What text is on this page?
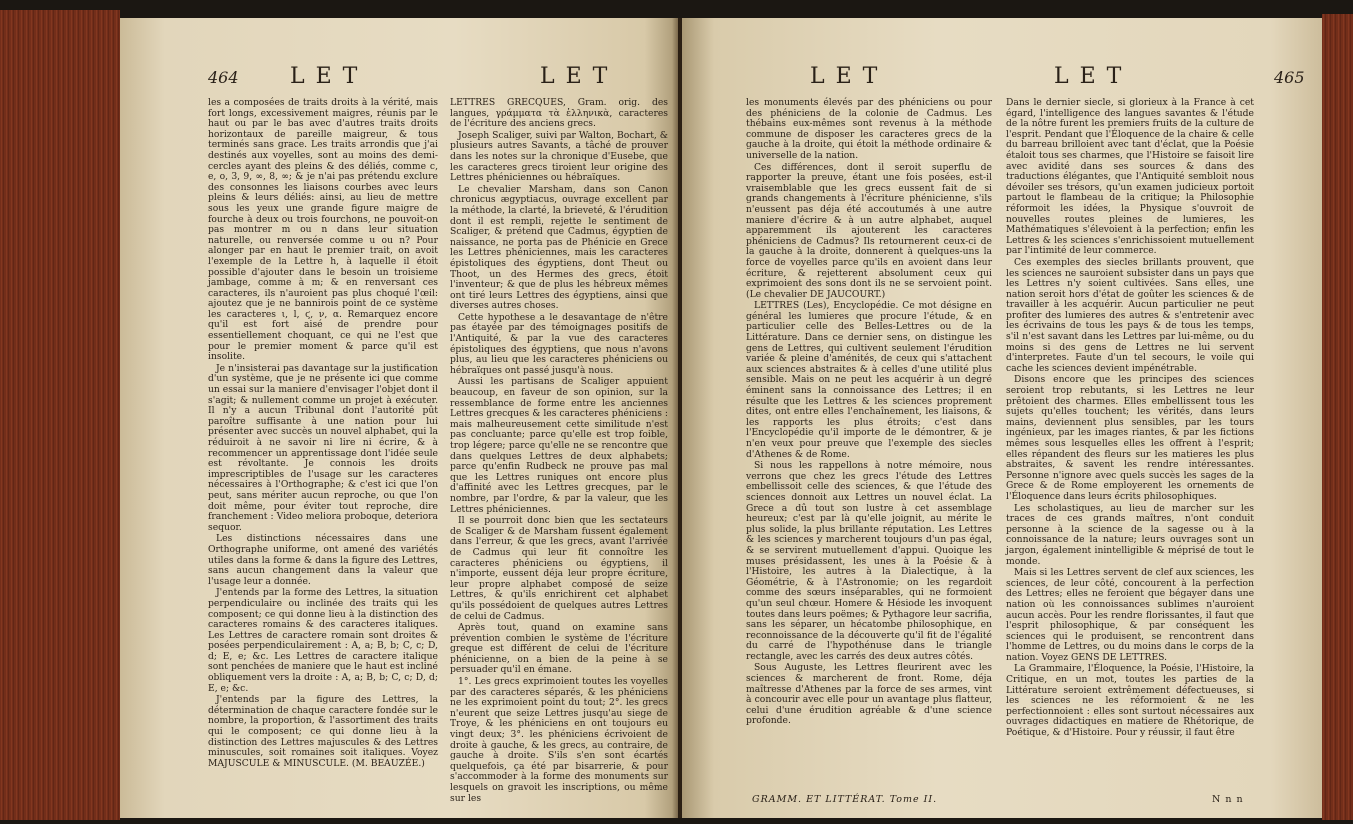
464 L E T	L E T

les a composées de traits droits à la vérité, mais fort longs, excessivement maigres, réunis par le haut ou par le bas avec d'autres traits droits horizontaux de pareille maigreur, & tous terminés sans grace. Les traits arrondis que j'ai destinés aux voyelles, sont au moins des demi-cercles ayant des pleins & des déliés, comme c, e, o, 3, 9, ∞, 8, ∞; & je n'ai pas prétendu exclure des consonnes les liaisons courbes avec leurs pleins & leurs déliés: ainsi, au lieu de mettre sous les yeux une grande figure maigre de fourche à deux ou trois fourchons, ne pouvoit-on pas montrer m ou n dans leur situation naturelle, ou renversée comme u ou n? Pour alonger par en haut le premier trait, on avoit l'exemple de la Lettre h, à laquelle il étoit possible d'ajouter dans le besoin un troisieme jambage, comme à m; & en renversant ces caracteres, ils n'auroient pas plus choqué l'œil: ajoutez que je ne bannirois point de ce système les caracteres ι, l, ϛ, ν, α. Remarquez encore qu'il est fort aisé de prendre pour essentiellement choquant, ce qui ne l'est que pour le premier moment & parce qu'il est insolite.

Je n'insisterai pas davantage sur la justification d'un système, que je ne présente ici que comme un essai sur la maniere d'envisager l'objet dont il s'agit; & nullement comme un projet à exécuter. Il n'y a aucun Tribunal dont l'autorité pût paroître suffisante à une nation pour lui présenter avec succès un nouvel alphabet, qui la réduiroit à ne savoir ni lire ni écrire, & à recommencer un apprentissage dont l'idée seule est révoltante. Je connois les droits imprescriptibles de l'usage sur les caracteres nécessaires à l'Orthographe; & c'est ici que l'on peut, sans mériter aucun reproche, ou que l'on doit même, pour éviter tout reproche, dire franchement : Video meliora proboque, deteriora sequor.

Les distinctions nécessaires dans une Orthographe uniforme, ont amené des variétés utiles dans la forme & dans la figure des Lettres, sans aucun changement dans la valeur que l'usage leur a donnée.

J'entends par la forme des Lettres, la situation perpendiculaire ou inclinée des traits qui les composent; ce qui donne lieu à la distinction des caracteres romains & des caracteres italiques. Les Lettres de caractere romain sont droites & posées perpendiculairement : A, a; B, b; C, c; D, d; E, e; &c. Les Lettres de caractere italique sont penchées de maniere que le haut est incliné obliquement vers la droite : A, a; B, b; C, c; D, d; E, e; &c.

J'entends par la figure des Lettres, la détermination de chaque caractere fondée sur le nombre, la proportion, & l'assortiment des traits qui le composent; ce qui donne lieu à la distinction des Lettres majuscules & des Lettres minuscules, soit romaines soit italiques. Voyez MAJUSCULE & MINUSCULE. (M. BEAUZÉE.)

LETTRES GRECQUES, Gram. orig. des langues, γράμματα τὰ ἑλληνικὰ, caracteres de l'écriture des anciens grecs.

Joseph Scaliger, suivi par Walton, Bochart, & plusieurs autres Savants, a tâché de prouver dans les notes sur la chronique d'Eusebe, que les caracteres grecs tiroient leur origine des Lettres phéniciennes ou hébraïques.

Le chevalier Marsham, dans son Canon chronicus ægyptiacus, ouvrage excellent par la méthode, la clarté, la brieveté, & l'érudition dont il est rempli, rejette le sentiment de Scaliger, & prétend que Cadmus, égyptien de naissance, ne porta pas de Phénicie en Grece les Lettres phéniciennes, mais les caracteres épistoliques des égyptiens, dont Theut ou Thoot, un des Hermes des grecs, étoit l'inventeur; & que de plus les hébreux mêmes ont tiré leurs Lettres des égyptiens, ainsi que diverses autres choses.

Cette hypothese a le desavantage de n'être pas étayée par des témoignages positifs de l'Antiquité, & par la vue des caracteres épistoliques des égyptiens, que nous n'avons plus, au lieu que les caracteres phéniciens ou hébraïques ont passé jusqu'à nous.

Aussi les partisans de Scaliger appuient beaucoup, en faveur de son opinion, sur la ressemblance de forme entre les anciennes Lettres grecques & les caracteres phéniciens : mais malheureusement cette similitude n'est pas concluante; parce qu'elle est trop foible, trop légere; parce qu'elle ne se rencontre que dans quelques Lettres de deux alphabets; parce qu'enfin Rudbeck ne prouve pas mal que les Lettres runiques ont encore plus d'affinité avec les Lettres grecques, par le nombre, par l'ordre, & par la valeur, que les Lettres phéniciennes.

Il se pourroit donc bien que les sectateurs de Scaliger & de Marsham fussent également dans l'erreur, & que les grecs, avant l'arrivée de Cadmus qui leur fit connoître les caracteres phéniciens ou égyptiens, il n'importe, eussent déja leur propre écriture, leur propre alphabet composé de seize Lettres, & qu'ils enrichirent cet alphabet qu'ils possédoient de quelques autres Lettres de celui de Cadmus.

Après tout, quand on examine sans prévention combien le système de l'écriture greque est différent de celui de l'écriture phénicienne, on a bien de la peine à se persuader qu'il en émane.

1°. Les grecs exprimoient toutes les voyelles par des caracteres séparés, & les phéniciens ne les exprimoient point du tout; 2°. les grecs n'eurent que seize Lettres jusqu'au siege de Troye, & les phéniciens en ont toujours eu vingt deux; 3°. les phéniciens écrivoient de droite à gauche, & les grecs, au contraire, de gauche à droite. S'ils s'en sont écartés quelquefois, ça été par bisarrerie, & pour s'accommoder à la forme des monuments sur lesquels on gravoit les inscriptions, ou même sur les

L E T	L E T	465

les monuments élevés par des phéniciens ou pour des phéniciens de la colonie de Cadmus. Les thébains eux-mêmes sont revenus à la méthode commune de disposer les caracteres grecs de la gauche à la droite, qui étoit la méthode ordinaire & universelle de la nation.

Ces différences, dont il seroit superflu de rapporter la preuve, étant une fois posées, est-il vraisemblable que les grecs eussent fait de si grands changements à l'écriture phénicienne, s'ils n'eussent pas déja été accoutumés à une autre maniere d'écrire & à un autre alphabet, auquel apparemment ils ajouterent les caracteres phéniciens de Cadmus? Ils retournerent ceux-ci de la gauche à la droite, donnerent à quelques-uns la force de voyelles parce qu'ils en avoient dans leur écriture, & rejetterent absolument ceux qui exprimoient des sons dont ils ne se servoient point. (Le chevalier DE JAUCOURT.)

LETTRES (Les), Encyclopédie. Ce mot désigne en général les lumieres que procure l'étude, & en particulier celle des Belles-Lettres ou de la Littérature. Dans ce dernier sens, on distingue les gens de Lettres, qui cultivent seulement l'érudition variée & pleine d'aménités, de ceux qui s'attachent aux sciences abstraites & à celles d'une utilité plus sensible. Mais on ne peut les acquérir à un degré éminent sans la connoissance des Lettres; il en résulte que les Lettres & les sciences proprement dites, ont entre elles l'enchaînement, les liaisons, & les rapports les plus étroits; c'est dans l'Encyclopédie qu'il importe de le démontrer, & je n'en veux pour preuve que l'exemple des siecles d'Athenes & de Rome.

Si nous les rappellons à notre mémoire, nous verrons que chez les grecs l'étude des Lettres embellissoit celle des sciences, & que l'étude des sciences donnoit aux Lettres un nouvel éclat. La Grece a dû tout son lustre à cet assemblage heureux; c'est par là qu'elle joignit, au mérite le plus solide, la plus brillante réputation. Les Lettres & les sciences y marcherent toujours d'un pas égal, & se servirent mutuellement d'appui. Quoique les muses présidassent, les unes à la Poésie & à l'Histoire, les autres à la Dialectique, à la Géométrie, & à l'Astronomie; on les regardoit comme des sœurs inséparables, qui ne formoient qu'un seul chœur. Homere & Hésiode les invoquent toutes dans leurs poëmes; & Pythagore leur sacrifia, sans les séparer, un hécatombe philosophique, en reconnoissance de la découverte qu'il fit de l'égalité du carré de l'hypothénuse dans le triangle rectangle, avec les carrés des deux autres côtés.

Sous Auguste, les Lettres fleurirent avec les sciences & marcherent de front. Rome, déja maîtresse d'Athenes par la force de ses armes, vint à concourir avec elle pour un avantage plus flatteur, celui d'une érudition agréable & d'une science profonde.

GRAMM. ET LITTÉRAT. Tome II.

Dans le dernier siecle, si glorieux à la France à cet égard, l'intelligence des langues savantes & l'étude de la nôtre furent les premiers fruits de la culture de l'esprit. Pendant que l'Éloquence de la chaire & celle du barreau brilloient avec tant d'éclat, que la Poésie étaloit tous ses charmes, que l'Histoire se faisoit lire avec avidité dans ses sources & dans des traductions élégantes, que l'Antiquité sembloit nous dévoiler ses trésors, qu'un examen judicieux portoit partout le flambeau de la critique; la Philosophie réformoit les idées, la Physique s'ouvroit de nouvelles routes pleines de lumieres, les Mathématiques s'élevoient à la perfection; enfin les Lettres & les sciences s'enrichissoient mutuellement par l'intimité de leur commerce.

Ces exemples des siecles brillants prouvent, que les sciences ne sauroient subsister dans un pays que les Lettres n'y soient cultivées. Sans elles, une nation seroit hors d'état de goûter les sciences & de travailler à les acquérir. Aucun particulier ne peut profiter des lumieres des autres & s'entretenir avec les écrivains de tous les pays & de tous les temps, s'il n'est savant dans les Lettres par lui-même, ou du moins si des gens de Lettres ne lui servent d'interpretes. Faute d'un tel secours, le voile qui cache les sciences devient impénétrable.

Disons encore que les principes des sciences seroient trop rebutants, si les Lettres ne leur prêtoient des charmes. Elles embellissent tous les sujets qu'elles touchent; les vérités, dans leurs mains, deviennent plus sensibles, par les tours ingénieux, par les images riantes, & par les fictions mêmes sous lesquelles elles les offrent à l'esprit; elles répandent des fleurs sur les matieres les plus abstraites, & savent les rendre intéressantes. Personne n'ignore avec quels succès les sages de la Grece & de Rome employerent les ornements de l'Éloquence dans leurs écrits philosophiques.

Les scholastiques, au lieu de marcher sur les traces de ces grands maîtres, n'ont conduit personne à la science de la sagesse ou à la connoissance de la nature; leurs ouvrages sont un jargon, également inintelligible & méprisé de tout le monde.

Mais si les Lettres servent de clef aux sciences, les sciences, de leur côté, concourent à la perfection des Lettres; elles ne feroient que bégayer dans une nation où les connoissances sublimes n'auroient aucun accès. Pour les rendre florissantes, il faut que l'esprit philosophique, & par conséquent les sciences qui le produisent, se rencontrent dans l'homme de Lettres, ou du moins dans le corps de la nation. Voyez GENS DE LETTRES.

La Grammaire, l'Éloquence, la Poésie, l'Histoire, la Critique, en un mot, toutes les parties de la Littérature seroient extrêmement défectueuses, si les sciences ne les réformoient & ne les perfectionnoient : elles sont surtout nécessaires aux ouvrages didactiques en matiere de Rhétorique, de Poétique, & d'Histoire. Pour y réussir, il faut être

N n n
